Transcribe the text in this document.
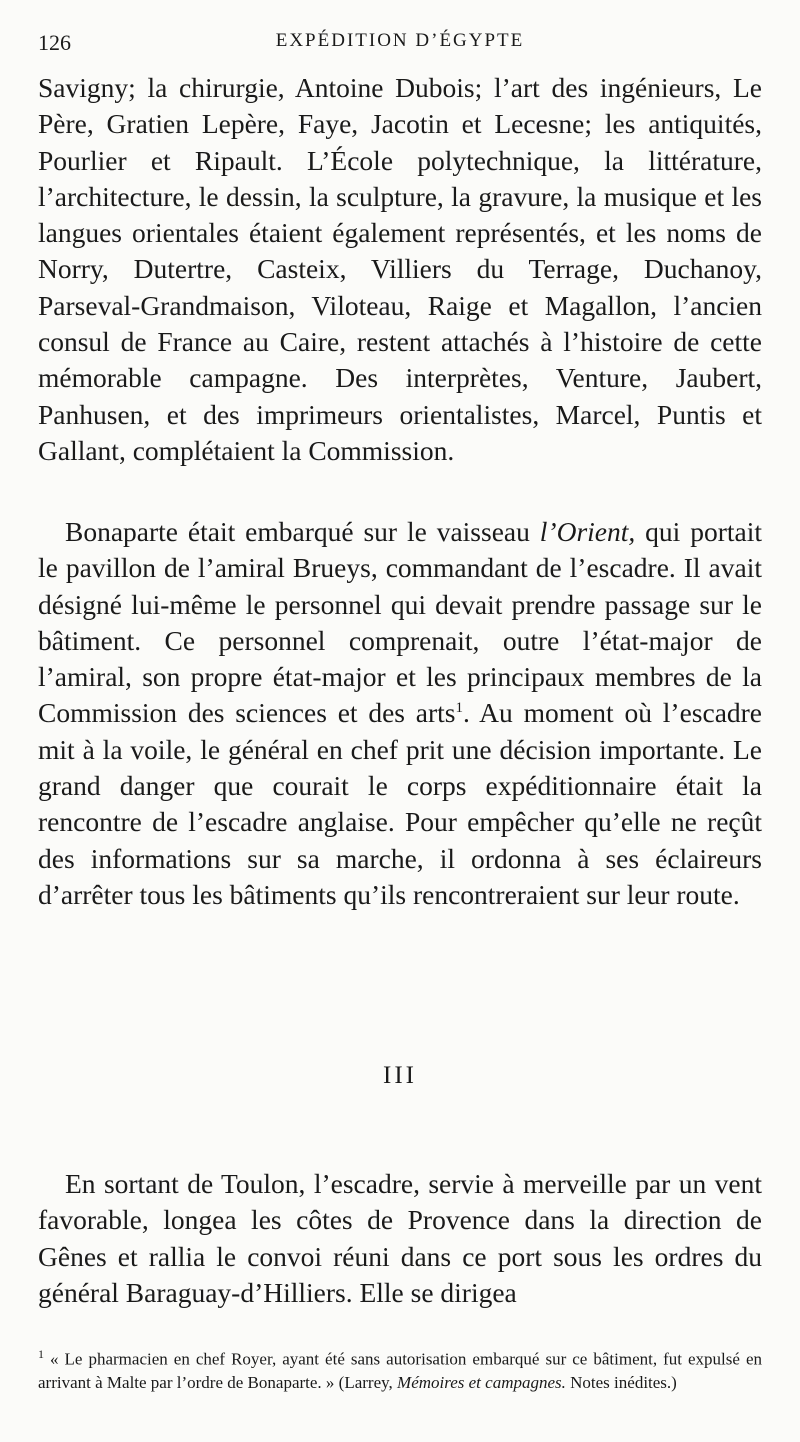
126	EXPÉDITION D’ÉGYPTE
Savigny; la chirurgie, Antoine Dubois; l’art des ingénieurs, Le Père, Gratien Lepère, Faye, Jacotin et Lecesne; les antiquités, Pourlier et Ripault. L’École polytechnique, la littérature, l’architecture, le dessin, la sculpture, la gravure, la musique et les langues orientales étaient également représentés, et les noms de Norry, Dutertre, Casteix, Villiers du Terrage, Duchanoy, Parseval-Grandmaison, Viloteau, Raige et Magallon, l’ancien consul de France au Caire, restent attachés à l’histoire de cette mémorable campagne. Des interprètes, Venture, Jaubert, Panhusen, et des imprimeurs orientalistes, Marcel, Puntis et Gallant, complétaient la Commission.
Bonaparte était embarqué sur le vaisseau l’Orient, qui portait le pavillon de l’amiral Brueys, commandant de l’escadre. Il avait désigné lui-même le personnel qui devait prendre passage sur le bâtiment. Ce personnel comprenait, outre l’état-major de l’amiral, son propre état-major et les principaux membres de la Commission des sciences et des arts$^1$. Au moment où l’escadre mit à la voile, le général en chef prit une décision importante. Le grand danger que courait le corps expéditionnaire était la rencontre de l’escadre anglaise. Pour empêcher qu’elle ne reçût des informations sur sa marche, il ordonna à ses éclaireurs d’arrêter tous les bâtiments qu’ils rencontreraient sur leur route.
III
En sortant de Toulon, l’escadre, servie à merveille par un vent favorable, longea les côtes de Provence dans la direction de Gênes et rallia le convoi réuni dans ce port sous les ordres du général Baraguay-d’Hilliers. Elle se dirigea
$^1$ « Le pharmacien en chef Royer, ayant été sans autorisation embarqué sur ce bâtiment, fut expulsé en arrivant à Malte par l’ordre de Bonaparte. » (Larrey, Mémoires et campagnes. Notes inédites.)
